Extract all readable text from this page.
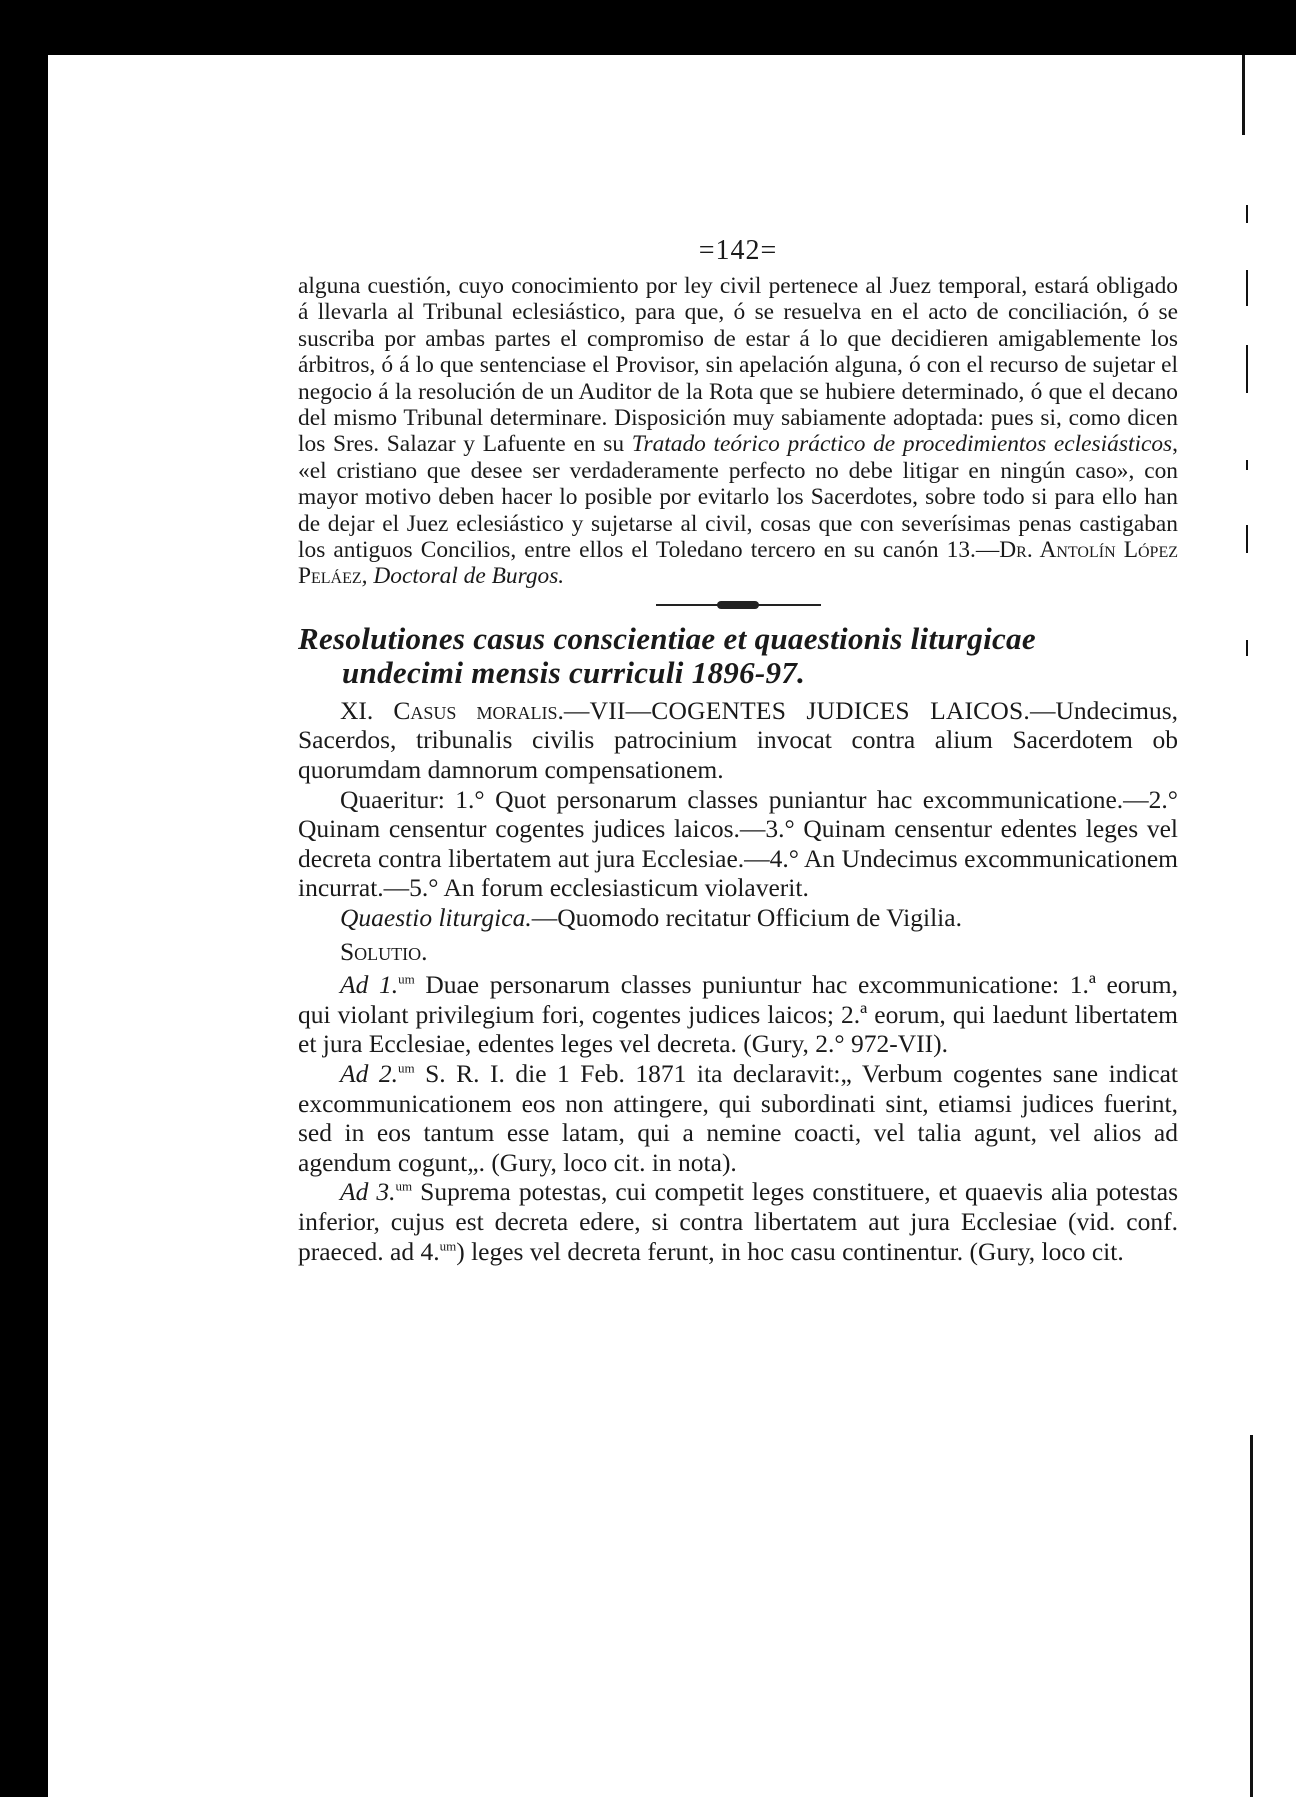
=142=

alguna cuestión, cuyo conocimiento por ley civil pertenece al Juez temporal, estará obligado á llevarla al Tribunal eclesiástico, para que, ó se resuelva en el acto de conciliación, ó se suscriba por ambas partes el compromiso de estar á lo que decidieren amigablemente los árbitros, ó á lo que sentenciase el Provisor, sin apelación alguna, ó con el recurso de sujetar el negocio á la resolución de un Auditor de la Rota que se hubiere determinado, ó que el decano del mismo Tribunal determinare. Disposición muy sabiamente adoptada: pues si, como dicen los Sres. Salazar y Lafuente en su Tratado teórico práctico de procedimientos eclesiásticos, «el cristiano que desee ser verdaderamente perfecto no debe litigar en ningún caso», con mayor motivo deben hacer lo posible por evitarlo los Sacerdotes, sobre todo si para ello han de dejar el Juez eclesiástico y sujetarse al civil, cosas que con severísimas penas castigaban los antiguos Concilios, entre ellos el Toledano tercero en su canón 13.—Dr. Antolín López Peláez, Doctoral de Burgos.

Resolutiones casus conscientiae et quaestionis liturgicae
undecimi mensis curriculi 1896-97.

XI. Casus moralis.—VII—COGENTES JUDICES LAICOS.—Undecimus, Sacerdos, tribunalis civilis patrocinium invocat contra alium Sacerdotem ob quorumdam damnorum compensationem.

Quaeritur: 1.° Quot personarum classes puniantur hac excommunicatione.—2.° Quinam censentur cogentes judices laicos.—3.° Quinam censentur edentes leges vel decreta contra libertatem aut jura Ecclesiae.—4.° An Undecimus excommunicationem incurrat.—5.° An forum ecclesiasticum violaverit.

Quaestio liturgica.—Quomodo recitatur Officium de Vigilia.

Solutio.

Ad 1.$^{um}$ Duae personarum classes puniuntur hac excommunicatione: 1.ª eorum, qui violant privilegium fori, cogentes judices laicos; 2.ª eorum, qui laedunt libertatem et jura Ecclesiae, edentes leges vel decreta. (Gury, 2.° 972-VII).

Ad 2.$^{um}$ S. R. I. die 1 Feb. 1871 ita declaravit:„ Verbum cogentes sane indicat excommunicationem eos non attingere, qui subordinati sint, etiamsi judices fuerint, sed in eos tantum esse latam, qui a nemine coacti, vel talia agunt, vel alios ad agendum cogunt„. (Gury, loco cit. in nota).

Ad 3.$^{um}$ Suprema potestas, cui competit leges constituere, et quaevis alia potestas inferior, cujus est decreta edere, si contra libertatem aut jura Ecclesiae (vid. conf. praeced. ad 4.$^{um}$) leges vel decreta ferunt, in hoc casu continentur. (Gury, loco cit.
